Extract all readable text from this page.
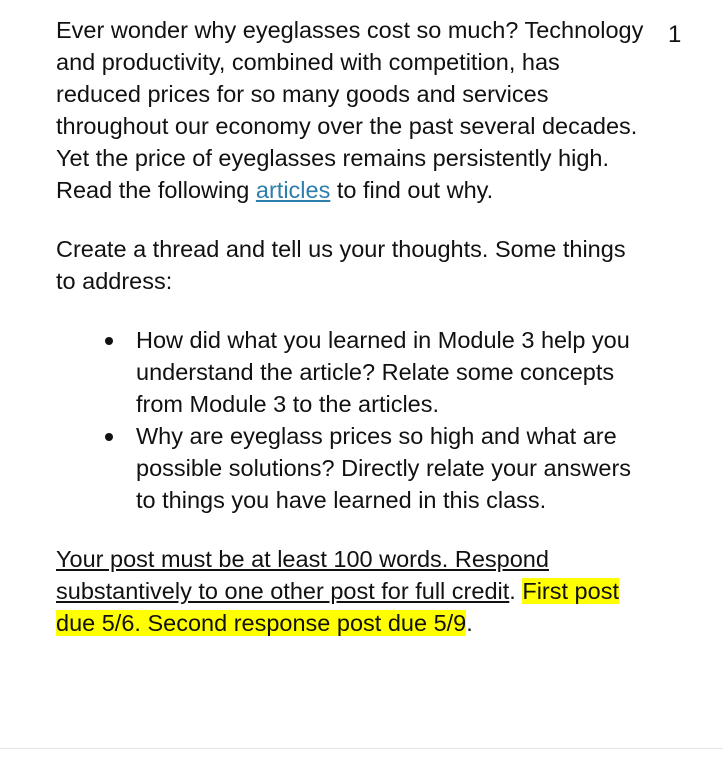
1

Ever wonder why eyeglasses cost so much? Technology and productivity, combined with competition, has reduced prices for so many goods and services throughout our economy over the past several decades. Yet the price of eyeglasses remains persistently high. Read the following articles to find out why.

Create a thread and tell us your thoughts. Some things to address:

How did what you learned in Module 3 help you understand the article? Relate some concepts from Module 3 to the articles.
Why are eyeglass prices so high and what are possible solutions? Directly relate your answers to things you have learned in this class.

Your post must be at least 100 words. Respond substantively to one other post for full credit. First post due 5/6. Second response post due 5/9.
